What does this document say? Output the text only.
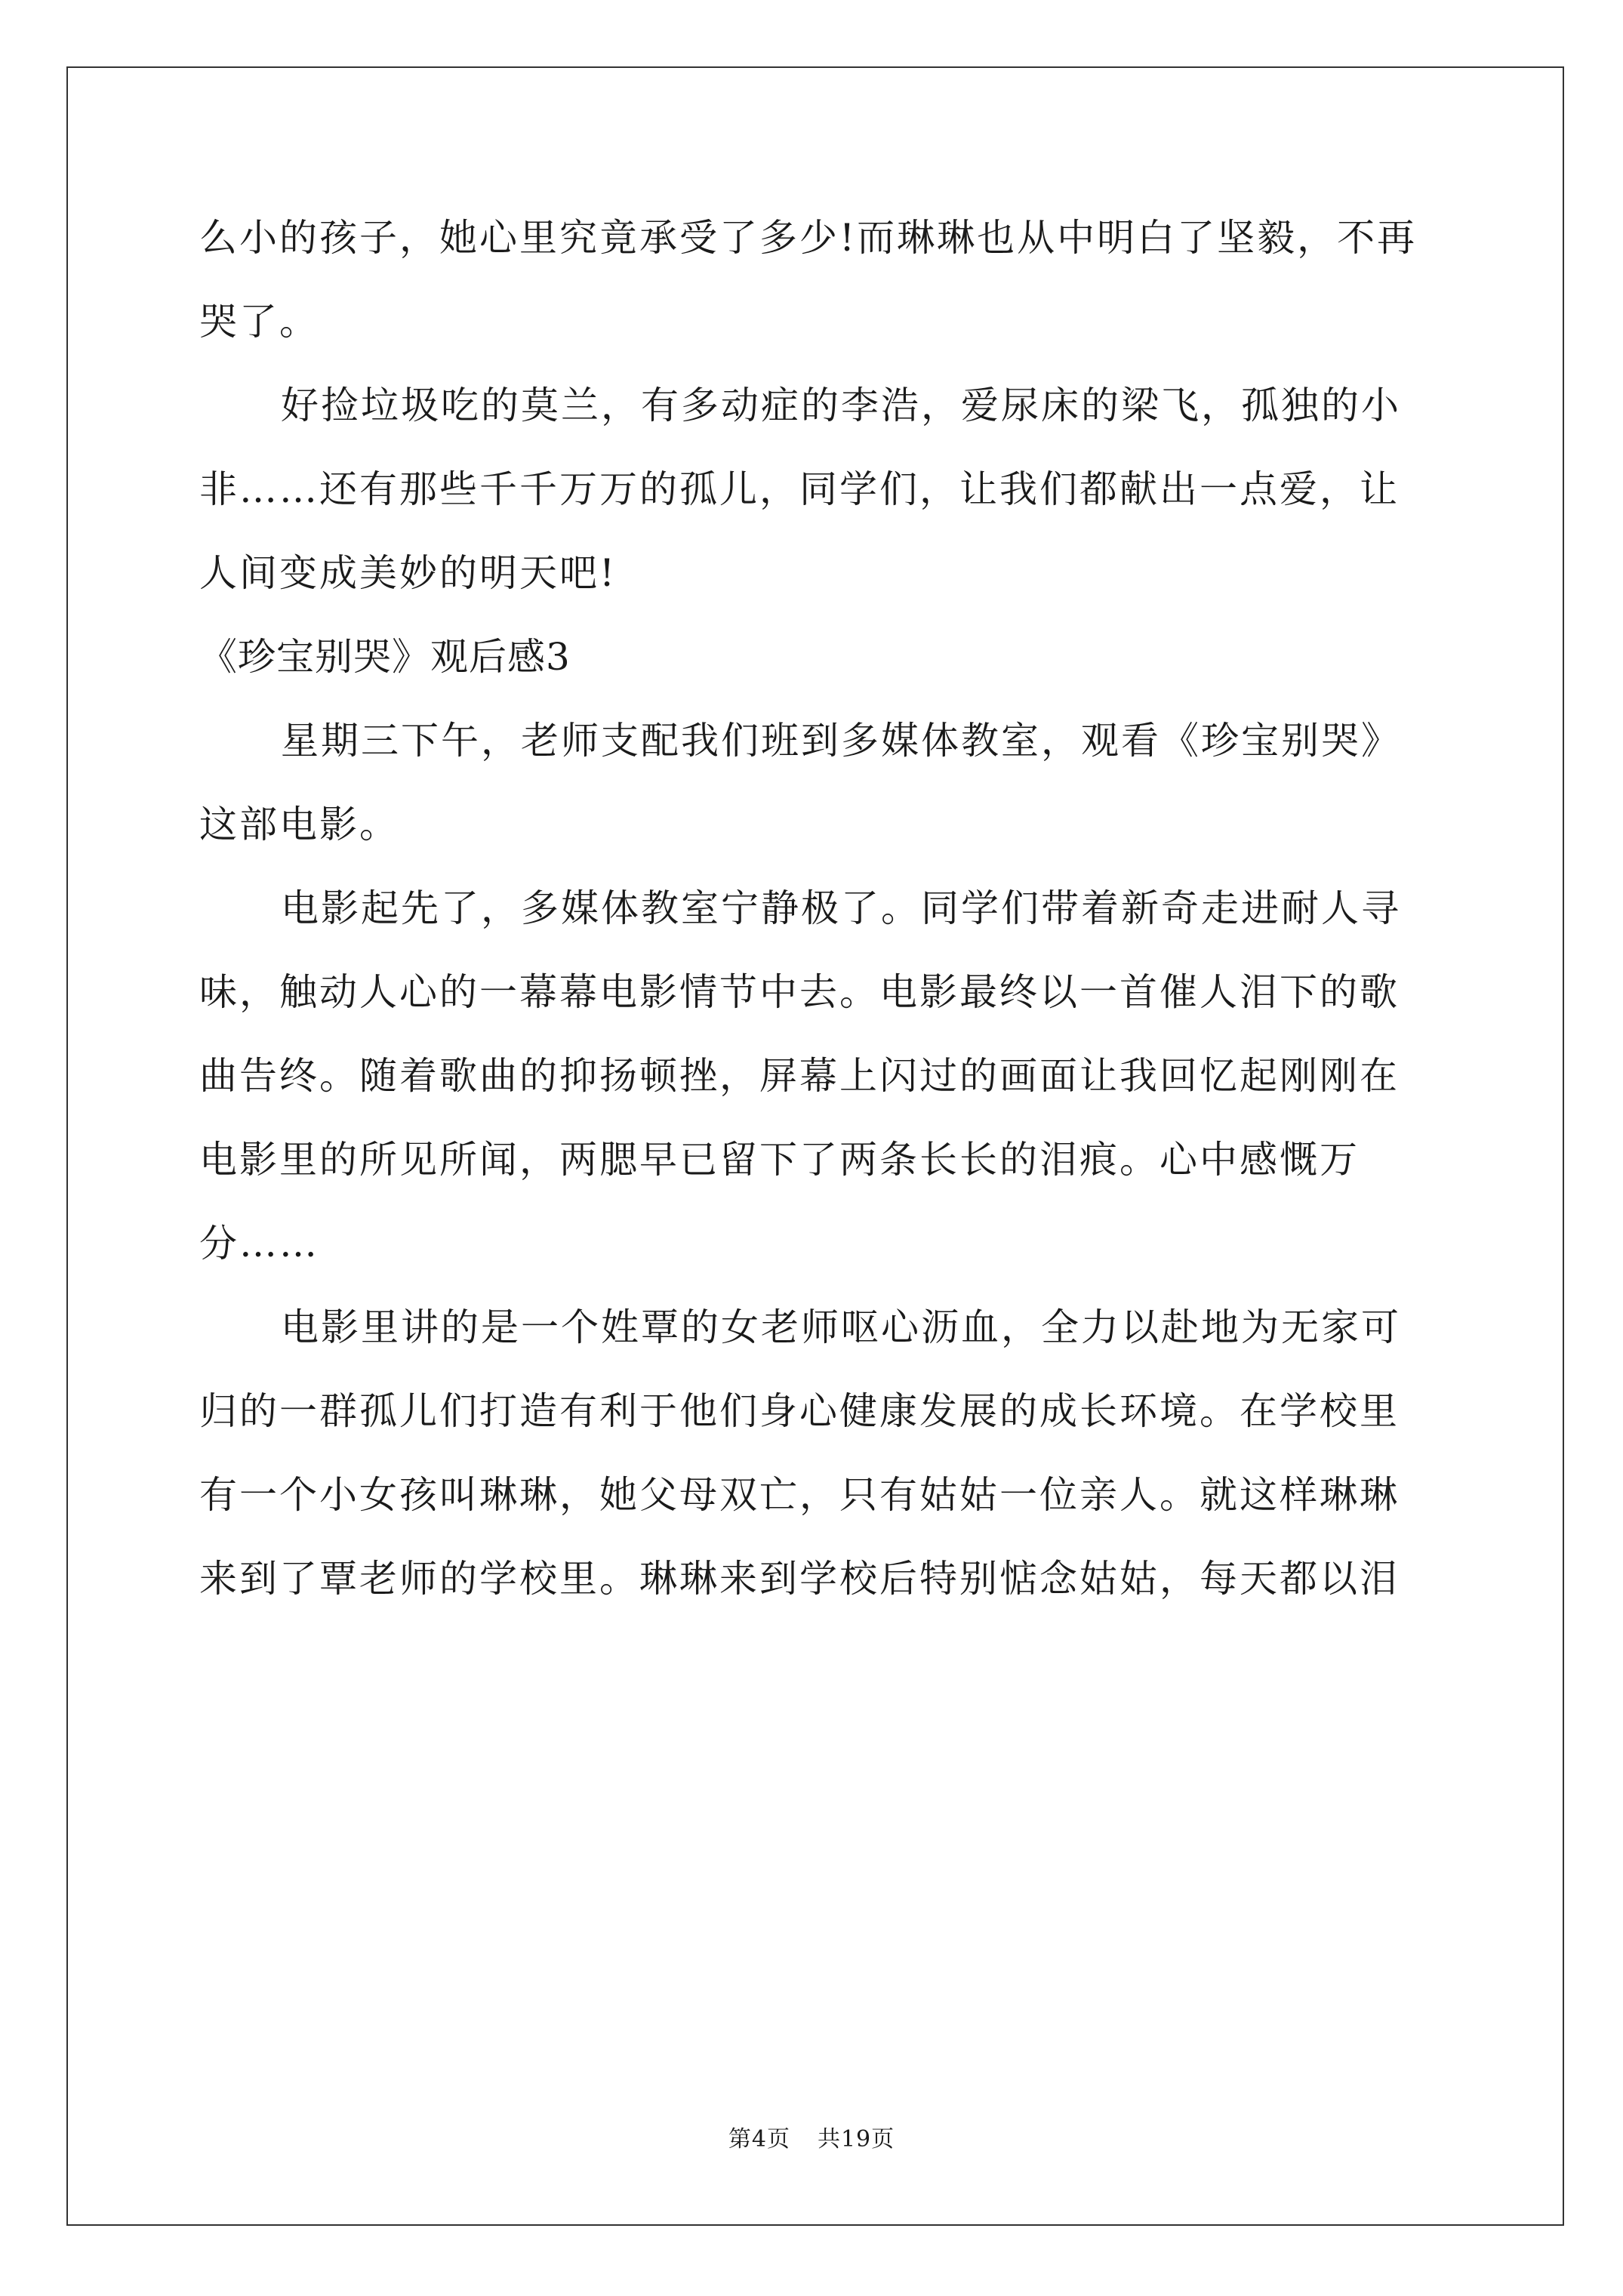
么小的孩子，她心里究竟承受了多少!而琳琳也从中明白了坚毅，不再
哭了。
好捡垃圾吃的莫兰，有多动症的李浩，爱尿床的梁飞，孤独的小
非……还有那些千千万万的孤儿，同学们，让我们都献出一点爱，让
人间变成美妙的明天吧!
《珍宝别哭》观后感3
星期三下午，老师支配我们班到多媒体教室，观看《珍宝别哭》
这部电影。
电影起先了，多媒体教室宁静极了。同学们带着新奇走进耐人寻
味，触动人心的一幕幕电影情节中去。电影最终以一首催人泪下的歌
曲告终。随着歌曲的抑扬顿挫，屏幕上闪过的画面让我回忆起刚刚在
电影里的所见所闻，两腮早已留下了两条长长的泪痕。心中感慨万
分……
电影里讲的是一个姓覃的女老师呕心沥血，全力以赴地为无家可
归的一群孤儿们打造有利于他们身心健康发展的成长环境。在学校里
有一个小女孩叫琳琳，她父母双亡，只有姑姑一位亲人。就这样琳琳
来到了覃老师的学校里。琳琳来到学校后特别惦念姑姑，每天都以泪
第4页 共19页
